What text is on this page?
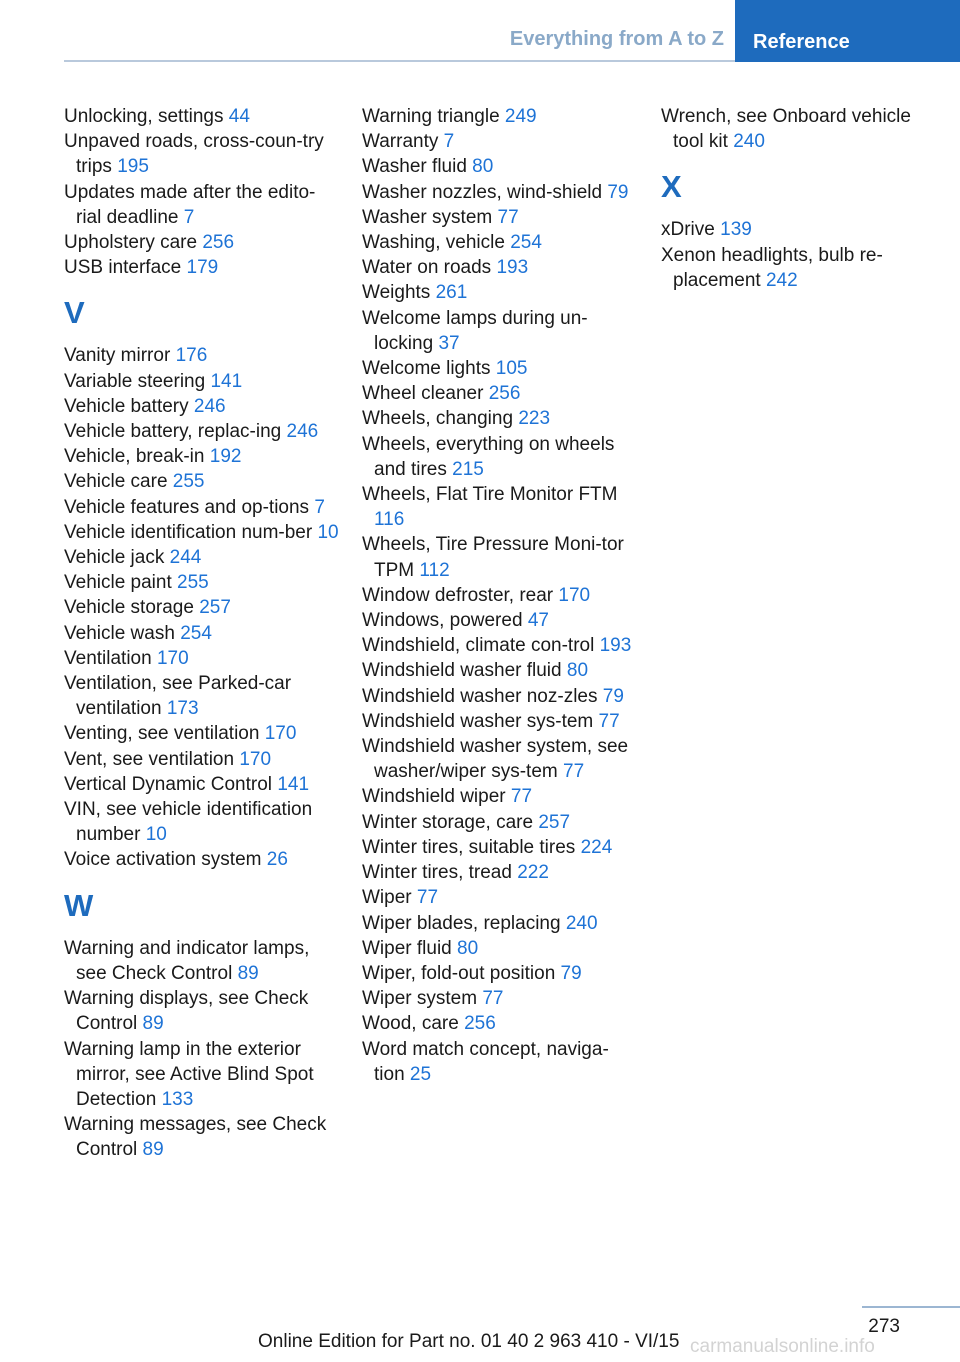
Everything from A to Z	Reference
Unlocking, settings 44
Unpaved roads, cross-coun-try trips 195
Updates made after the edito-rial deadline 7
Upholstery care 256
USB interface 179
V
Vanity mirror 176
Variable steering 141
Vehicle battery 246
Vehicle battery, replac-ing 246
Vehicle, break-in 192
Vehicle care 255
Vehicle features and op-tions 7
Vehicle identification num-ber 10
Vehicle jack 244
Vehicle paint 255
Vehicle storage 257
Vehicle wash 254
Ventilation 170
Ventilation, see Parked-car ventilation 173
Venting, see ventilation 170
Vent, see ventilation 170
Vertical Dynamic Control 141
VIN, see vehicle identification number 10
Voice activation system 26
W
Warning and indicator lamps, see Check Control 89
Warning displays, see Check Control 89
Warning lamp in the exterior mirror, see Active Blind Spot Detection 133
Warning messages, see Check Control 89
Warning triangle 249
Warranty 7
Washer fluid 80
Washer nozzles, wind-shield 79
Washer system 77
Washing, vehicle 254
Water on roads 193
Weights 261
Welcome lamps during un-locking 37
Welcome lights 105
Wheel cleaner 256
Wheels, changing 223
Wheels, everything on wheels and tires 215
Wheels, Flat Tire Monitor FTM 116
Wheels, Tire Pressure Moni-tor TPM 112
Window defroster, rear 170
Windows, powered 47
Windshield, climate con-trol 193
Windshield washer fluid 80
Windshield washer noz-zles 79
Windshield washer sys-tem 77
Windshield washer system, see washer/wiper sys-tem 77
Windshield wiper 77
Winter storage, care 257
Winter tires, suitable tires 224
Winter tires, tread 222
Wiper 77
Wiper blades, replacing 240
Wiper fluid 80
Wiper, fold-out position 79
Wiper system 77
Wood, care 256
Word match concept, naviga-tion 25
Wrench, see Onboard vehicle tool kit 240
X
xDrive 139
Xenon headlights, bulb re-placement 242
273
Online Edition for Part no. 01 40 2 963 410 - VI/15 carmanualsonline.info
